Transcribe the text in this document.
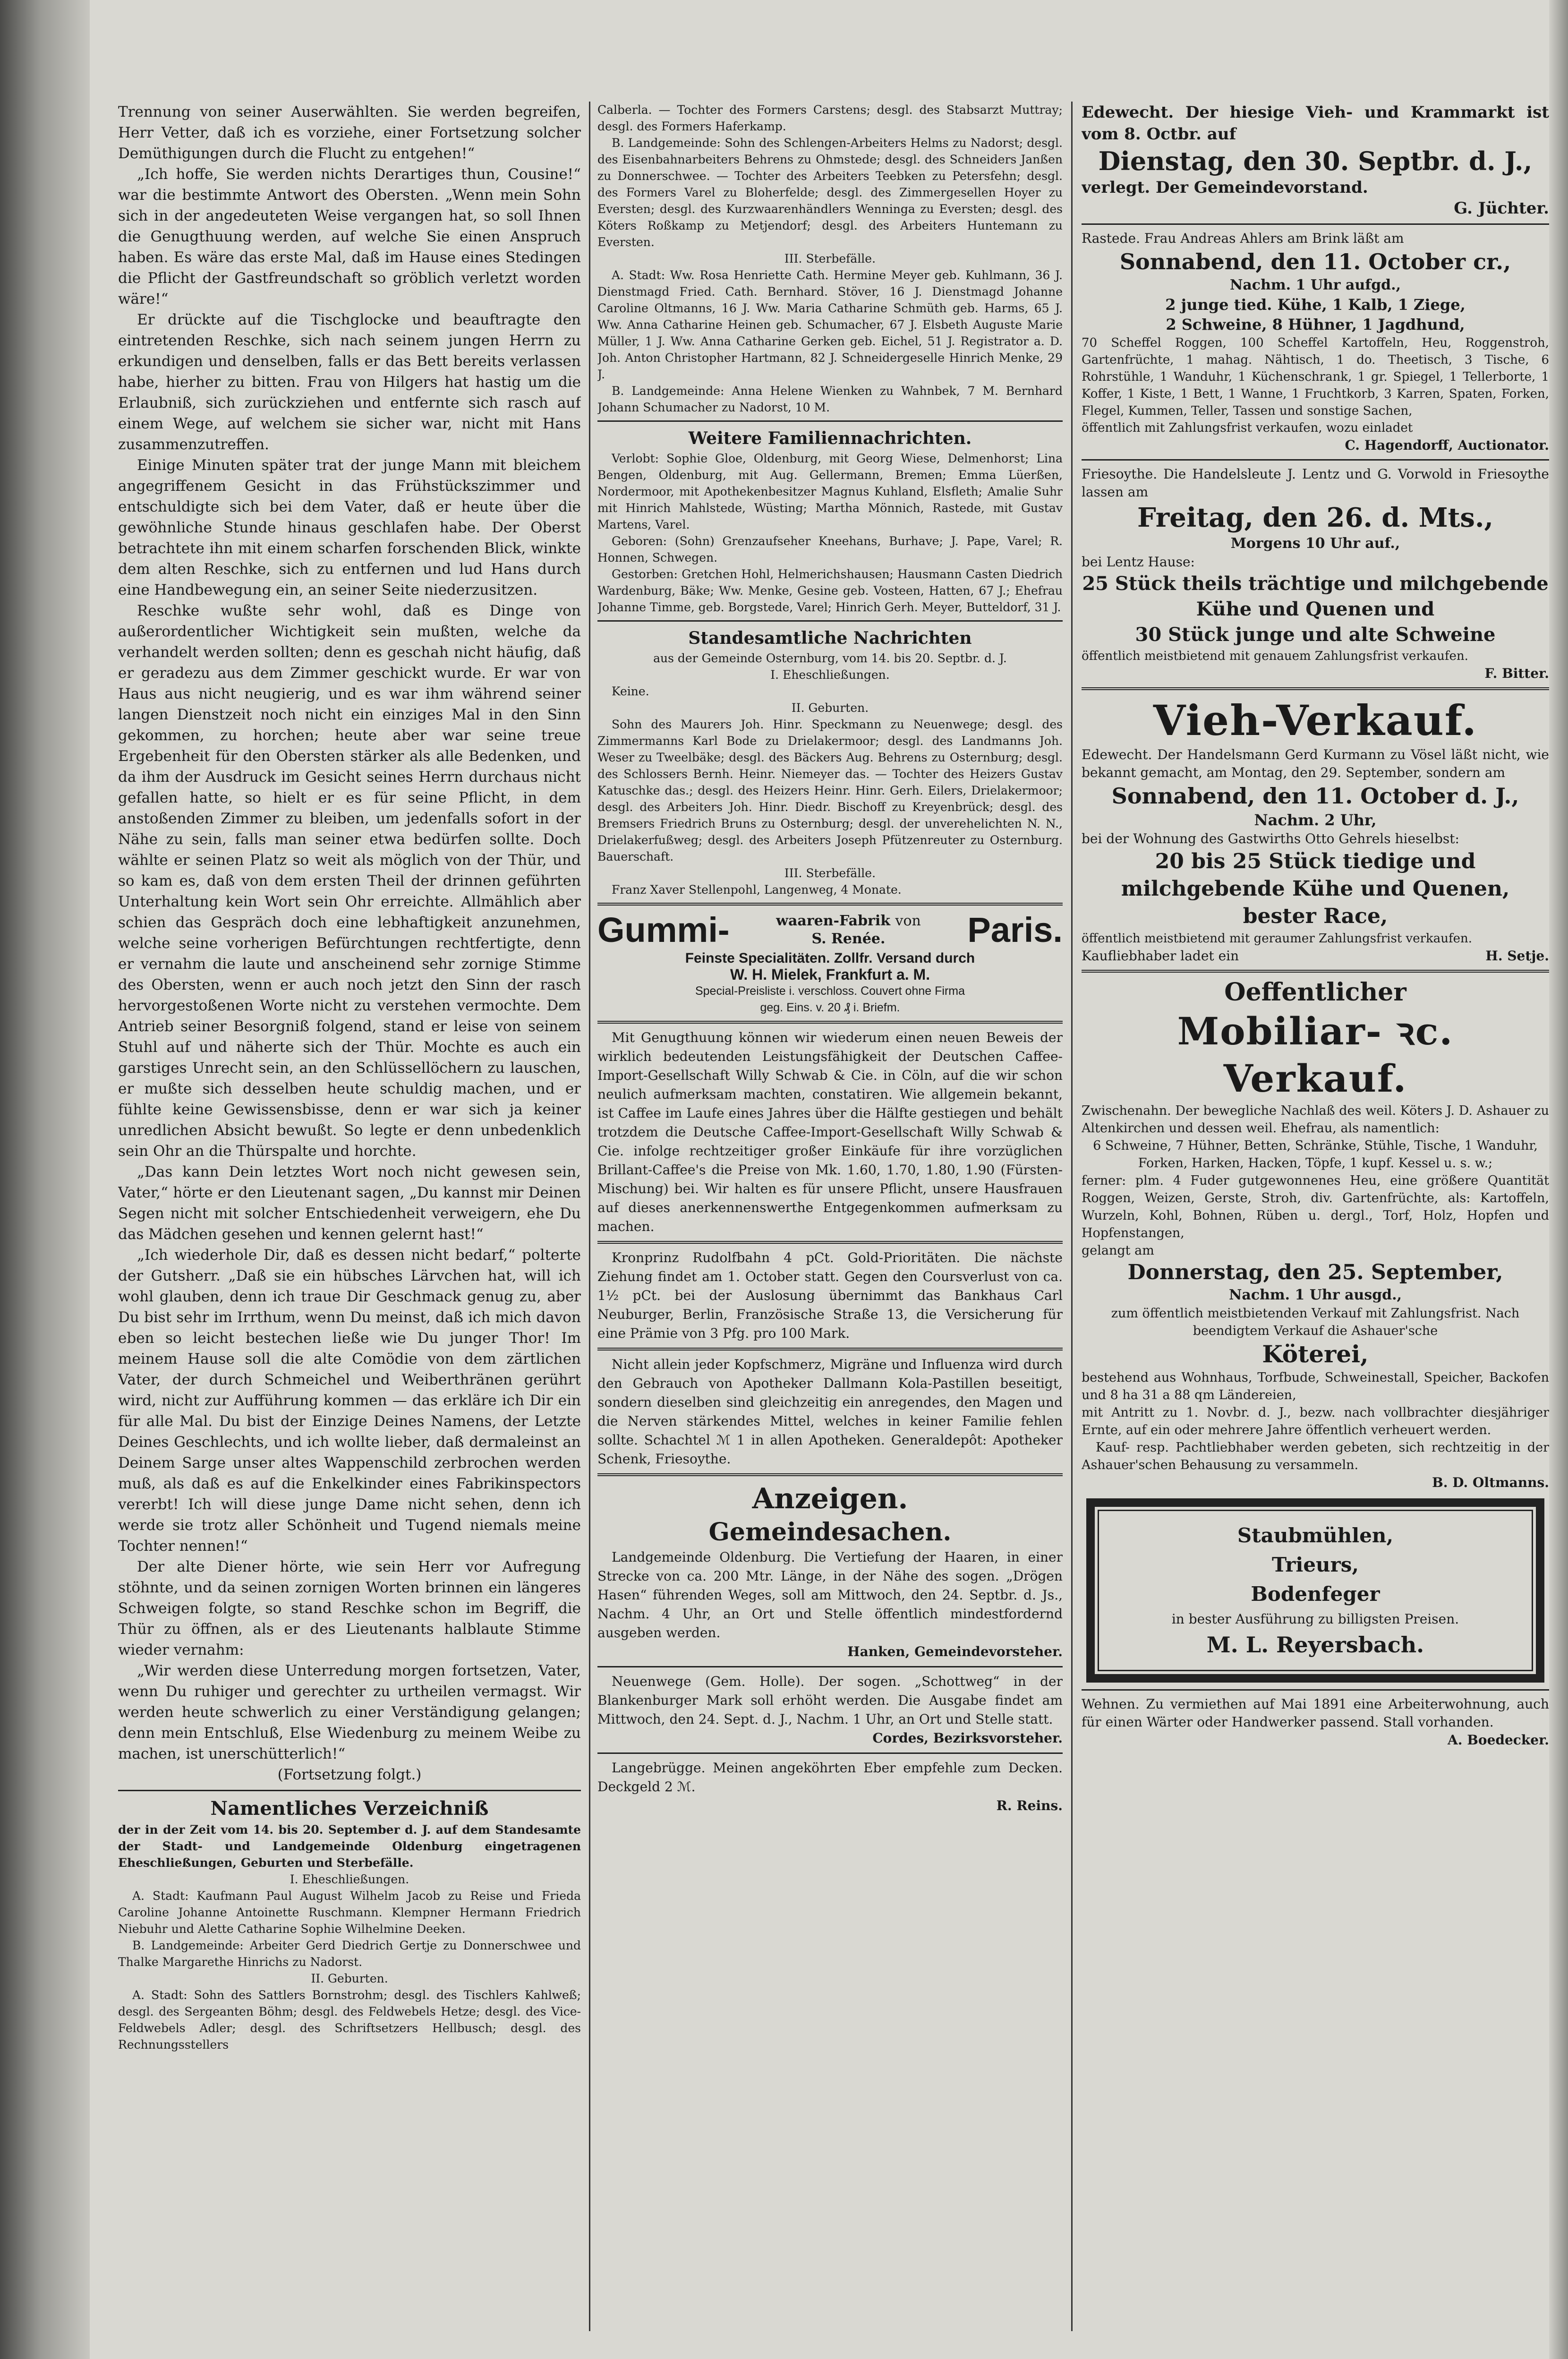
Trennung von seiner Auserwählten. Sie werden begreifen, Herr Vetter, daß ich es vorziehe, einer Fortsetzung solcher Demüthigungen durch die Flucht zu entgehen!“

„Ich hoffe, Sie werden nichts Derartiges thun, Cousine!“ war die bestimmte Antwort des Obersten. „Wenn mein Sohn sich in der angedeuteten Weise vergangen hat, so soll Ihnen die Genugthuung werden, auf welche Sie einen Anspruch haben. Es wäre das erste Mal, daß im Hause eines Stedingen die Pflicht der Gastfreundschaft so gröblich verletzt worden wäre!“

Er drückte auf die Tischglocke und beauftragte den eintretenden Reschke, sich nach seinem jungen Herrn zu erkundigen und denselben, falls er das Bett bereits verlassen habe, hierher zu bitten. Frau von Hilgers hat hastig um die Erlaubniß, sich zurückziehen und entfernte sich rasch auf einem Wege, auf welchem sie sicher war, nicht mit Hans zusammenzutreffen.

Einige Minuten später trat der junge Mann mit bleichem angegriffenem Gesicht in das Frühstückszimmer und entschuldigte sich bei dem Vater, daß er heute über die gewöhnliche Stunde hinaus geschlafen habe. Der Oberst betrachtete ihn mit einem scharfen forschenden Blick, winkte dem alten Reschke, sich zu entfernen und lud Hans durch eine Handbewegung ein, an seiner Seite niederzusitzen.

Reschke wußte sehr wohl, daß es Dinge von außerordentlicher Wichtigkeit sein mußten, welche da verhandelt werden sollten; denn es geschah nicht häufig, daß er geradezu aus dem Zimmer geschickt wurde. Er war von Haus aus nicht neugierig, und es war ihm während seiner langen Dienstzeit noch nicht ein einziges Mal in den Sinn gekommen, zu horchen; heute aber war seine treue Ergebenheit für den Obersten stärker als alle Bedenken, und da ihm der Ausdruck im Gesicht seines Herrn durchaus nicht gefallen hatte, so hielt er es für seine Pflicht, in dem anstoßenden Zimmer zu bleiben, um jedenfalls sofort in der Nähe zu sein, falls man seiner etwa bedürfen sollte. Doch wählte er seinen Platz so weit als möglich von der Thür, und so kam es, daß von dem ersten Theil der drinnen geführten Unterhaltung kein Wort sein Ohr erreichte. Allmählich aber schien das Gespräch doch eine lebhaftigkeit anzunehmen, welche seine vorherigen Befürchtungen rechtfertigte, denn er vernahm die laute und anscheinend sehr zornige Stimme des Obersten, wenn er auch noch jetzt den Sinn der rasch hervorgestoßenen Worte nicht zu verstehen vermochte. Dem Antrieb seiner Besorgniß folgend, stand er leise von seinem Stuhl auf und näherte sich der Thür. Mochte es auch ein garstiges Unrecht sein, an den Schlüssellöchern zu lauschen, er mußte sich desselben heute schuldig machen, und er fühlte keine Gewissensbisse, denn er war sich ja keiner unredlichen Absicht bewußt. So legte er denn unbedenklich sein Ohr an die Thürspalte und horchte.

„Das kann Dein letztes Wort noch nicht gewesen sein, Vater,“ hörte er den Lieutenant sagen, „Du kannst mir Deinen Segen nicht mit solcher Entschiedenheit verweigern, ehe Du das Mädchen gesehen und kennen gelernt hast!“

„Ich wiederhole Dir, daß es dessen nicht bedarf,“ polterte der Gutsherr. „Daß sie ein hübsches Lärvchen hat, will ich wohl glauben, denn ich traue Dir Geschmack genug zu, aber Du bist sehr im Irrthum, wenn Du meinst, daß ich mich davon eben so leicht bestechen ließe wie Du junger Thor! Im meinem Hause soll die alte Comödie von dem zärtlichen Vater, der durch Schmeichel und Weiberthränen gerührt wird, nicht zur Aufführung kommen — das erkläre ich Dir ein für alle Mal. Du bist der Einzige Deines Namens, der Letzte Deines Geschlechts, und ich wollte lieber, daß dermaleinst an Deinem Sarge unser altes Wappenschild zerbrochen werden muß, als daß es auf die Enkelkinder eines Fabrikinspectors vererbt! Ich will diese junge Dame nicht sehen, denn ich werde sie trotz aller Schönheit und Tugend niemals meine Tochter nennen!“

Der alte Diener hörte, wie sein Herr vor Aufregung stöhnte, und da seinen zornigen Worten brinnen ein längeres Schweigen folgte, so stand Reschke schon im Begriff, die Thür zu öffnen, als er des Lieutenants halblaute Stimme wieder vernahm:

„Wir werden diese Unterredung morgen fortsetzen, Vater, wenn Du ruhiger und gerechter zu urtheilen vermagst. Wir werden heute schwerlich zu einer Verständigung gelangen; denn mein Entschluß, Else Wiedenburg zu meinem Weibe zu machen, ist unerschütterlich!“

(Fortsetzung folgt.)

Namentliches Verzeichniß

der in der Zeit vom 14. bis 20. September d. J. auf dem Standesamte der Stadt- und Landgemeinde Oldenburg eingetragenen Eheschließungen, Geburten und Sterbefälle.

I. Eheschließungen.

A. Stadt: Kaufmann Paul August Wilhelm Jacob zu Reise und Frieda Caroline Johanne Antoinette Ruschmann. Klempner Hermann Friedrich Niebuhr und Alette Catharine Sophie Wilhelmine Deeken.

B. Landgemeinde: Arbeiter Gerd Diedrich Gertje zu Donnerschwee und Thalke Margarethe Hinrichs zu Nadorst.

II. Geburten.

A. Stadt: Sohn des Sattlers Bornstrohm; desgl. des Tischlers Kahlweß; desgl. des Sergeanten Böhm; desgl. des Feldwebels Hetze; desgl. des Vice-Feldwebels Adler; desgl. des Schriftsetzers Hellbusch; desgl. des Rechnungsstellers

Calberla. — Tochter des Formers Carstens; desgl. des Stabsarzt Muttray; desgl. des Formers Haferkamp.

B. Landgemeinde: Sohn des Schlengen-Arbeiters Helms zu Nadorst; desgl. des Eisenbahnarbeiters Behrens zu Ohmstede; desgl. des Schneiders Janßen zu Donnerschwee. — Tochter des Arbeiters Teebken zu Petersfehn; desgl. des Formers Varel zu Bloherfelde; desgl. des Zimmergesellen Hoyer zu Eversten; desgl. des Kurzwaarenhändlers Wenninga zu Eversten; desgl. des Köters Roßkamp zu Metjendorf; desgl. des Arbeiters Huntemann zu Eversten.

III. Sterbefälle.

A. Stadt: Ww. Rosa Henriette Cath. Hermine Meyer geb. Kuhlmann, 36 J. Dienstmagd Fried. Cath. Bernhard. Stöver, 16 J. Dienstmagd Johanne Caroline Oltmanns, 16 J. Ww. Maria Catharine Schmüth geb. Harms, 65 J. Ww. Anna Catharine Heinen geb. Schumacher, 67 J. Elsbeth Auguste Marie Müller, 1 J. Ww. Anna Catharine Gerken geb. Eichel, 51 J. Registrator a. D. Joh. Anton Christopher Hartmann, 82 J. Schneidergeselle Hinrich Menke, 29 J.

B. Landgemeinde: Anna Helene Wienken zu Wahnbek, 7 M. Bernhard Johann Schumacher zu Nadorst, 10 M.

Weitere Familiennachrichten.

Verlobt: Sophie Gloe, Oldenburg, mit Georg Wiese, Delmenhorst; Lina Bengen, Oldenburg, mit Aug. Gellermann, Bremen; Emma Lüerßen, Nordermoor, mit Apothekenbesitzer Magnus Kuhland, Elsfleth; Amalie Suhr mit Hinrich Mahlstede, Wüsting; Martha Mönnich, Rastede, mit Gustav Martens, Varel.

Geboren: (Sohn) Grenzaufseher Kneehans, Burhave; J. Pape, Varel; R. Honnen, Schwegen.

Gestorben: Gretchen Hohl, Helmerichshausen; Hausmann Casten Diedrich Wardenburg, Bäke; Ww. Menke, Gesine geb. Vosteen, Hatten, 67 J.; Ehefrau Johanne Timme, geb. Borgstede, Varel; Hinrich Gerh. Meyer, Butteldorf, 31 J.

Standesamtliche Nachrichten

aus der Gemeinde Osternburg, vom 14. bis 20. Septbr. d. J.

I. Eheschließungen.

Keine.

II. Geburten.

Sohn des Maurers Joh. Hinr. Speckmann zu Neuenwege; desgl. des Zimmermanns Karl Bode zu Drielakermoor; desgl. des Landmanns Joh. Weser zu Tweelbäke; desgl. des Bäckers Aug. Behrens zu Osternburg; desgl. des Schlossers Bernh. Heinr. Niemeyer das. — Tochter des Heizers Gustav Katuschke das.; desgl. des Heizers Heinr. Hinr. Gerh. Eilers, Drielakermoor; desgl. des Arbeiters Joh. Hinr. Diedr. Bischoff zu Kreyenbrück; desgl. des Bremsers Friedrich Bruns zu Osternburg; desgl. der unverehelichten N. N., Drielakerfußweg; desgl. des Arbeiters Joseph Pfützenreuter zu Osternburg. Bauerschaft.

III. Sterbefälle.

Franz Xaver Stellenpohl, Langenweg, 4 Monate.

Gummi-	waaren-Fabrik von
S. Renée.	Paris.

Feinste Specialitäten. Zollfr. Versand durch

W. H. Mielek, Frankfurt a. M.

Special-Preisliste i. verschloss. Couvert ohne Firma

geg. Eins. v. 20 ₰ i. Briefm.

Mit Genugthuung können wir wiederum einen neuen Beweis der wirklich bedeutenden Leistungsfähigkeit der Deutschen Caffee-Import-Gesellschaft Willy Schwab & Cie. in Cöln, auf die wir schon neulich aufmerksam machten, constatiren. Wie allgemein bekannt, ist Caffee im Laufe eines Jahres über die Hälfte gestiegen und behält trotzdem die Deutsche Caffee-Import-Gesellschaft Willy Schwab & Cie. infolge rechtzeitiger großer Einkäufe für ihre vorzüglichen Brillant-Caffee's die Preise von Mk. 1.60, 1.70, 1.80, 1.90 (Fürsten-Mischung) bei. Wir halten es für unsere Pflicht, unsere Hausfrauen auf dieses anerkennenswerthe Entgegenkommen aufmerksam zu machen.

Kronprinz Rudolfbahn 4 pCt. Gold-Prioritäten. Die nächste Ziehung findet am 1. October statt. Gegen den Coursverlust von ca. 1½ pCt. bei der Auslosung übernimmt das Bankhaus Carl Neuburger, Berlin, Französische Straße 13, die Versicherung für eine Prämie von 3 Pfg. pro 100 Mark.

Nicht allein jeder Kopfschmerz, Migräne und Influenza wird durch den Gebrauch von Apotheker Dallmann Kola-Pastillen beseitigt, sondern dieselben sind gleichzeitig ein anregendes, den Magen und die Nerven stärkendes Mittel, welches in keiner Familie fehlen sollte. Schachtel ℳ 1 in allen Apotheken. Generaldepôt: Apotheker Schenk, Friesoythe.

Anzeigen.

Gemeindesachen.

Landgemeinde Oldenburg. Die Vertiefung der Haaren, in einer Strecke von ca. 200 Mtr. Länge, in der Nähe des sogen. „Drögen Hasen“ führenden Weges, soll am Mittwoch, den 24. Septbr. d. Js., Nachm. 4 Uhr, an Ort und Stelle öffentlich mindestfordernd ausgeben werden.

Hanken, Gemeindevorsteher.

Neuenwege (Gem. Holle). Der sogen. „Schottweg“ in der Blankenburger Mark soll erhöht werden. Die Ausgabe findet am Mittwoch, den 24. Sept. d. J., Nachm. 1 Uhr, an Ort und Stelle statt.

Cordes, Bezirksvorsteher.

Langebrügge. Meinen angeköhrten Eber empfehle zum Decken. Deckgeld 2 ℳ.

R. Reins.

Edewecht. Der hiesige Vieh- und Krammarkt ist vom 8. Octbr. auf

Dienstag, den 30. Septbr. d. J.,

verlegt. Der Gemeindevorstand.

G. Jüchter.

Rastede. Frau Andreas Ahlers am Brink läßt am

Sonnabend, den 11. October cr.,

Nachm. 1 Uhr aufgd.,

2 junge tied. Kühe, 1 Kalb, 1 Ziege,

2 Schweine, 8 Hühner, 1 Jagdhund,

70 Scheffel Roggen, 100 Scheffel Kartoffeln, Heu, Roggenstroh, Gartenfrüchte, 1 mahag. Nähtisch, 1 do. Theetisch, 3 Tische, 6 Rohrstühle, 1 Wanduhr, 1 Küchenschrank, 1 gr. Spiegel, 1 Tellerborte, 1 Koffer, 1 Kiste, 1 Bett, 1 Wanne, 1 Fruchtkorb, 3 Karren, Spaten, Forken, Flegel, Kummen, Teller, Tassen und sonstige Sachen,

öffentlich mit Zahlungsfrist verkaufen, wozu einladet

C. Hagendorff, Auctionator.

Friesoythe. Die Handelsleute J. Lentz und G. Vorwold in Friesoythe lassen am

Freitag, den 26. d. Mts.,

Morgens 10 Uhr auf.,

bei Lentz Hause:

25 Stück theils trächtige und milchgebende Kühe und Quenen und

30 Stück junge und alte Schweine

öffentlich meistbietend mit genauem Zahlungsfrist verkaufen.

F. Bitter.

Vieh-Verkauf.

Edewecht. Der Handelsmann Gerd Kurmann zu Vösel läßt nicht, wie bekannt gemacht, am Montag, den 29. September, sondern am

Sonnabend, den 11. October d. J.,

Nachm. 2 Uhr,

bei der Wohnung des Gastwirths Otto Gehrels hieselbst:

20 bis 25 Stück tiedige und milchgebende Kühe und Quenen, bester Race,

öffentlich meistbietend mit geraumer Zahlungsfrist verkaufen.

Kaufliebhaber ladet ein	H. Setje.

Oeffentlicher

Mobiliar- ꝛc. Verkauf.

Zwischenahn. Der bewegliche Nachlaß des weil. Köters J. D. Ashauer zu Altenkirchen und dessen weil. Ehefrau, als namentlich:

6 Schweine, 7 Hühner, Betten, Schränke, Stühle, Tische, 1 Wanduhr, Forken, Harken, Hacken, Töpfe, 1 kupf. Kessel u. s. w.;

ferner: plm. 4 Fuder gutgewonnenes Heu, eine größere Quantität Roggen, Weizen, Gerste, Stroh, div. Gartenfrüchte, als: Kartoffeln, Wurzeln, Kohl, Bohnen, Rüben u. dergl., Torf, Holz, Hopfen und Hopfenstangen,

gelangt am

Donnerstag, den 25. September,

Nachm. 1 Uhr ausgd.,

zum öffentlich meistbietenden Verkauf mit Zahlungsfrist. Nach beendigtem Verkauf die Ashauer'sche

Köterei,

bestehend aus Wohnhaus, Torfbude, Schweinestall, Speicher, Backofen und 8 ha 31 a 88 qm Ländereien,

mit Antritt zu 1. Novbr. d. J., bezw. nach vollbrachter diesjähriger Ernte, auf ein oder mehrere Jahre öffentlich verheuert werden.

Kauf- resp. Pachtliebhaber werden gebeten, sich rechtzeitig in der Ashauer'schen Behausung zu versammeln.

B. D. Oltmanns.

Staubmühlen,

Trieurs,

Bodenfeger

in bester Ausführung zu billigsten Preisen.

M. L. Reyersbach.

Wehnen. Zu vermiethen auf Mai 1891 eine Arbeiterwohnung, auch für einen Wärter oder Handwerker passend. Stall vorhanden.

A. Boedecker.
